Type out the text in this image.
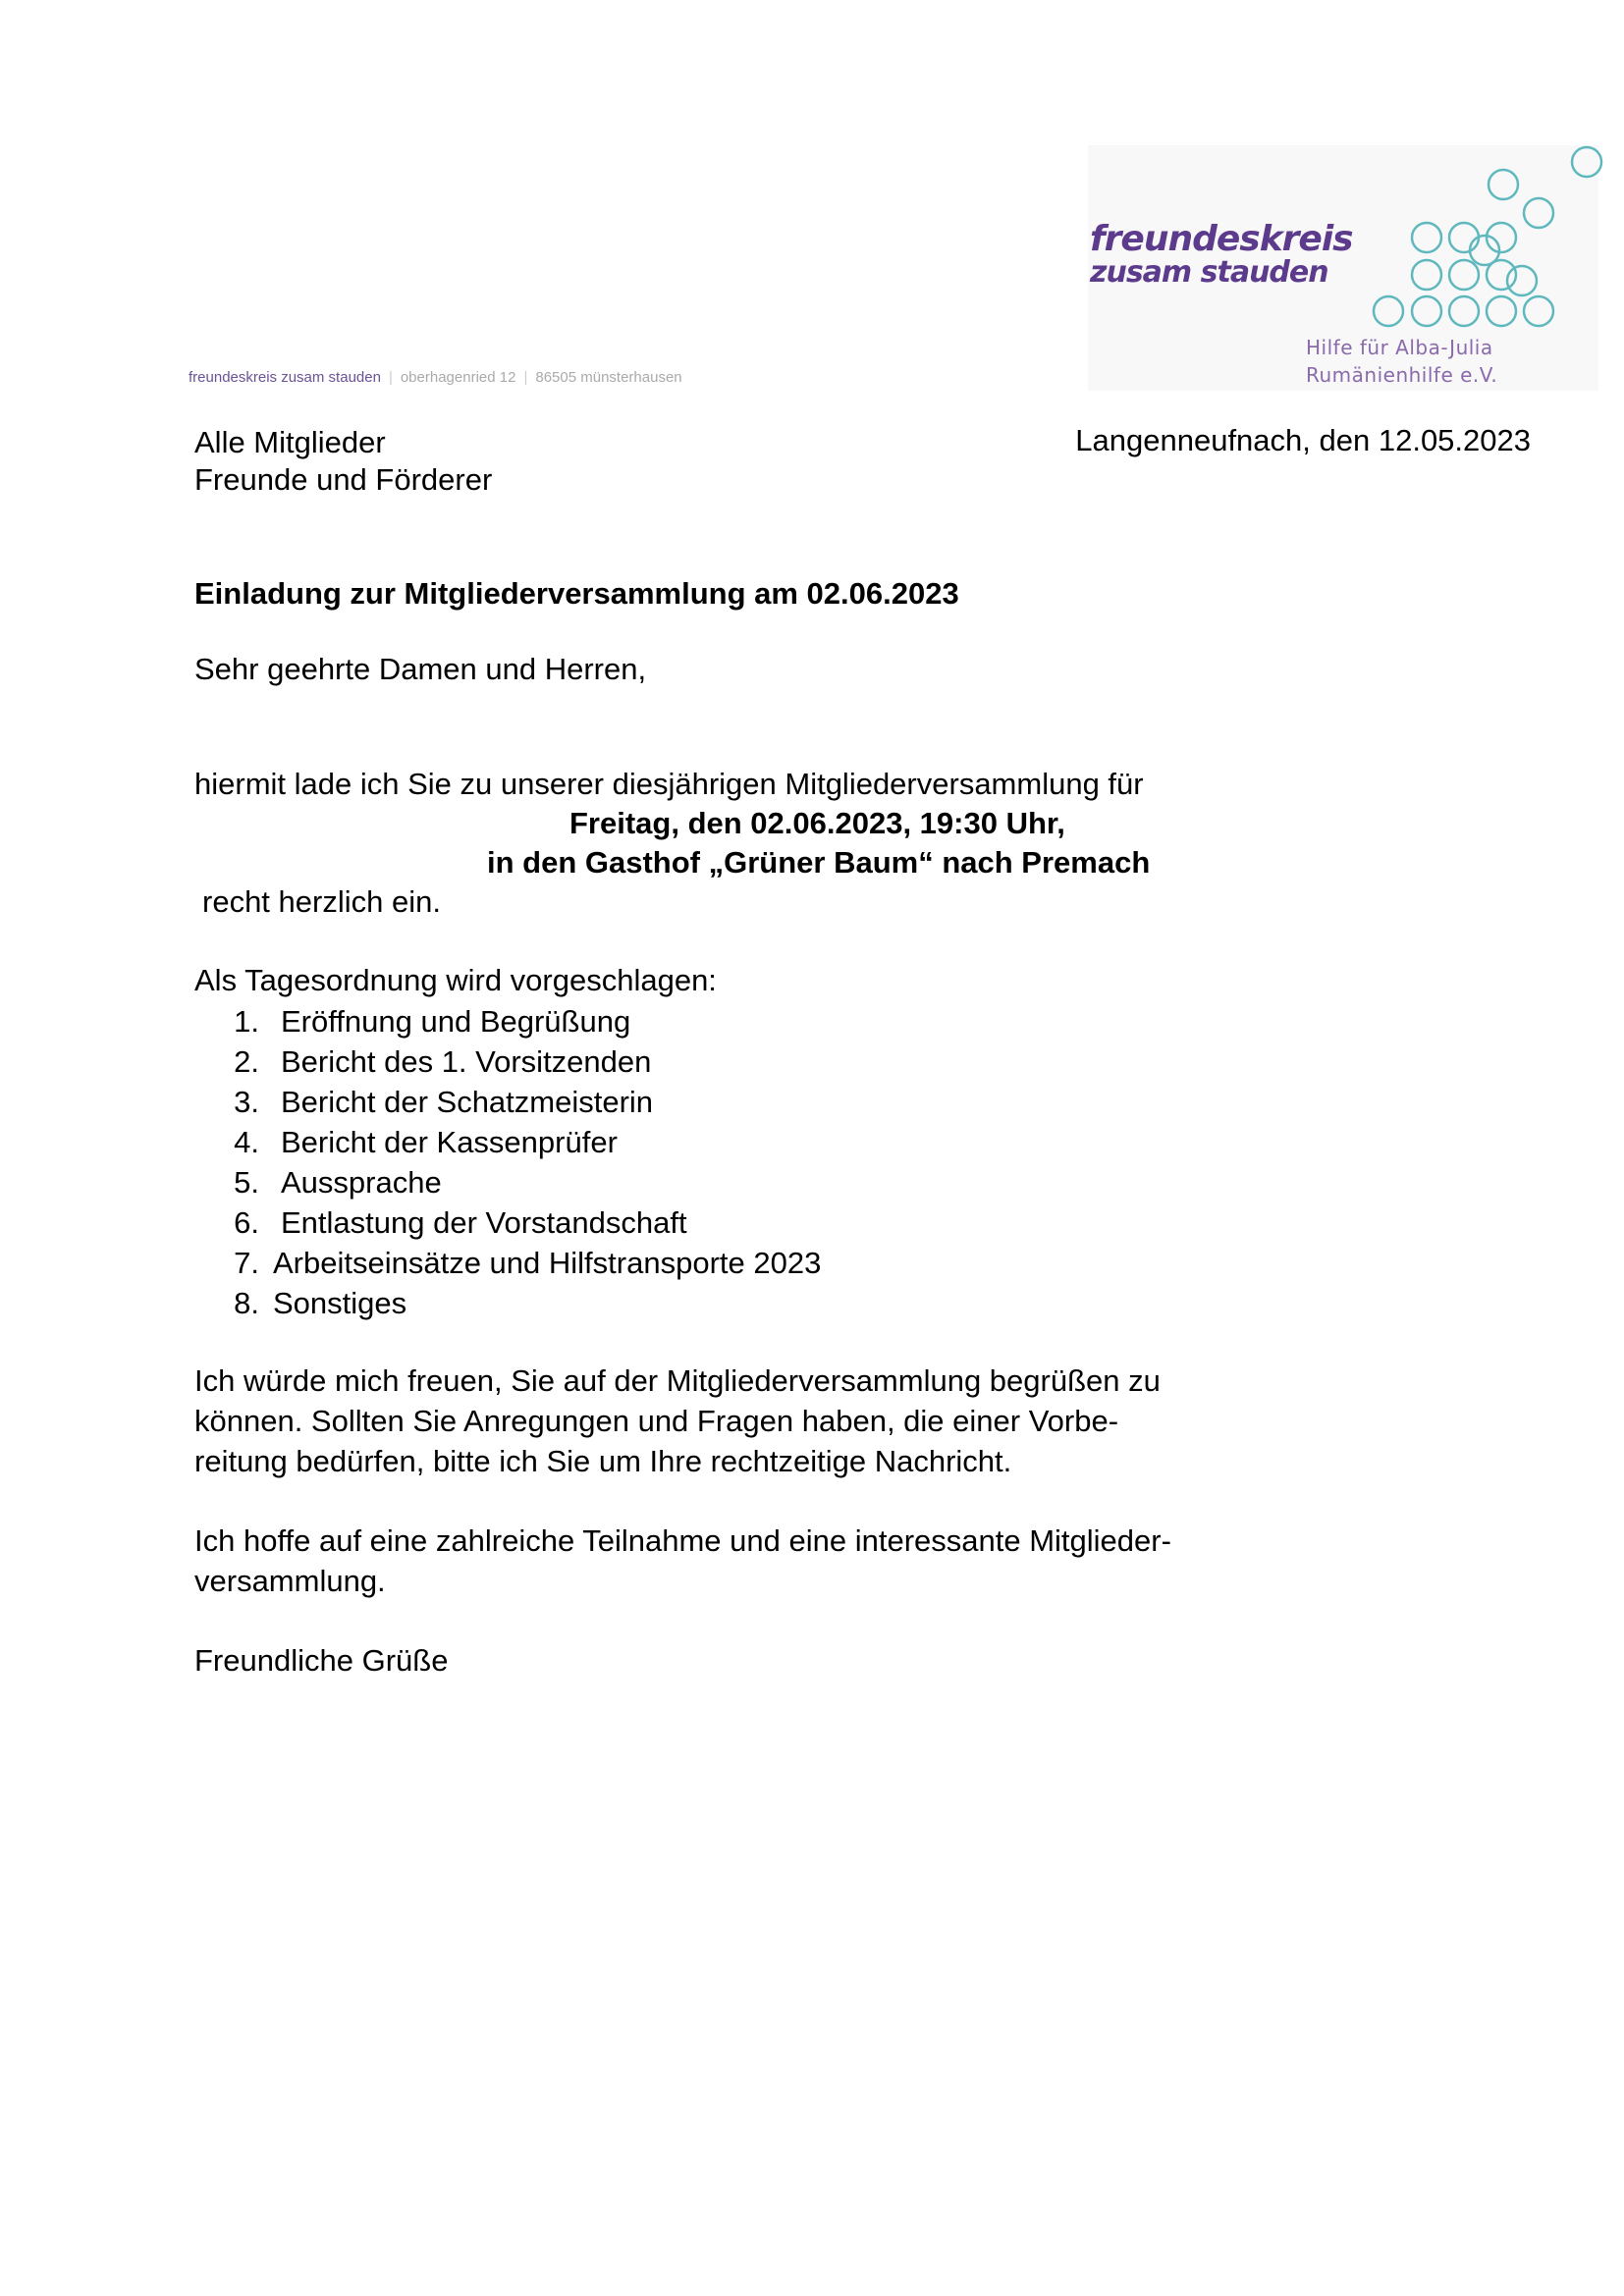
freundeskreis
zusam stauden
Hilfe für Alba-Julia
Rumänienhilfe e.V.
freundeskreis zusam stauden | oberhagenried 12 | 86505 münsterhausen
Alle Mitglieder
Freunde und Förderer
Langenneufnach, den 12.05.2023
Einladung zur Mitgliederversammlung am 02.06.2023
Sehr geehrte Damen und Herren,
hiermit lade ich Sie zu unserer diesjährigen Mitgliederversammlung für
Freitag, den 02.06.2023, 19:30 Uhr,
in den Gasthof „Grüner Baum“ nach Premach
recht herzlich ein.
Als Tagesordnung wird vorgeschlagen:
1. Eröffnung und Begrüßung
2. Bericht des 1. Vorsitzenden
3. Bericht der Schatzmeisterin
4. Bericht der Kassenprüfer
5. Aussprache
6. Entlastung der Vorstandschaft
7. Arbeitseinsätze und Hilfstransporte 2023
8. Sonstiges
Ich würde mich freuen, Sie auf der Mitgliederversammlung begrüßen zu
können. Sollten Sie Anregungen und Fragen haben, die einer Vorbe-
reitung bedürfen, bitte ich Sie um Ihre rechtzeitige Nachricht.
Ich hoffe auf eine zahlreiche Teilnahme und eine interessante Mitglieder-
versammlung.
Freundliche Grüße
